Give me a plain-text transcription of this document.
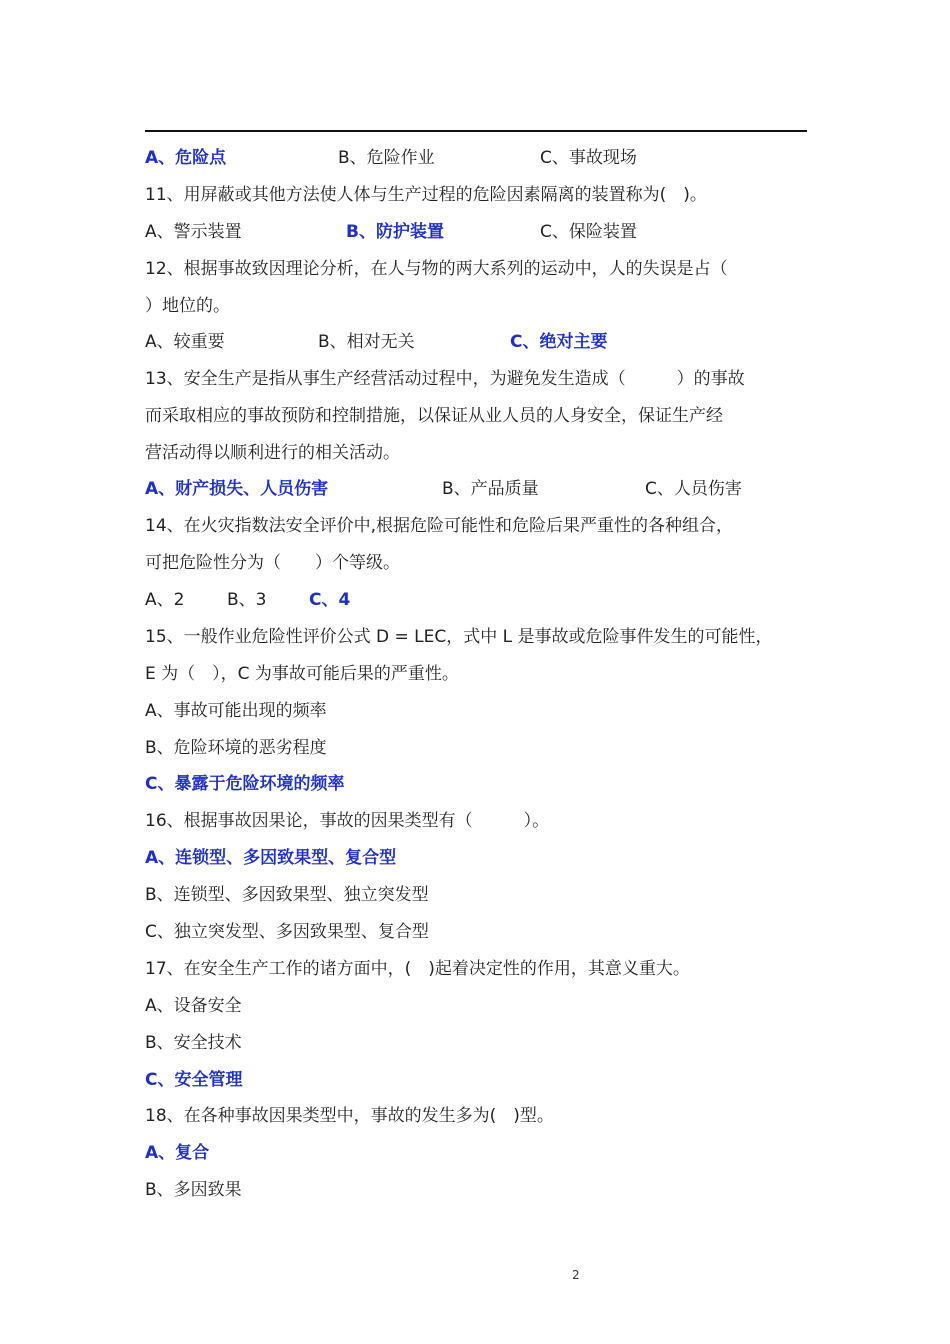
A、危险点	B、危险作业	C、事故现场
11、用屏蔽或其他方法使人体与生产过程的危险因素隔离的装置称为(　)。
A、警示装置	B、防护装置	C、保险装置
12、根据事故致因理论分析，在人与物的两大系列的运动中，人的失误是占（
）地位的。
A、较重要	B、相对无关	C、绝对主要
13、安全生产是指从事生产经营活动过程中，为避免发生造成（　　　）的事故
而采取相应的事故预防和控制措施，以保证从业人员的人身安全，保证生产经
营活动得以顺利进行的相关活动。
A、财产损失、人员伤害	B、产品质量	C、人员伤害
14、在火灾指数法安全评价中,根据危险可能性和危险后果严重性的各种组合，
可把危险性分为（　　）个等级。
A、2	B、3	C、4
15、一般作业危险性评价公式 D = LEC，式中 L 是事故或危险事件发生的可能性，
E 为（　），C 为事故可能后果的严重性。
A、事故可能出现的频率
B、危险环境的恶劣程度
C、暴露于危险环境的频率
16、根据事故因果论，事故的因果类型有（　　　）。
A、连锁型、多因致果型、复合型
B、连锁型、多因致果型、独立突发型
C、独立突发型、多因致果型、复合型
17、在安全生产工作的诸方面中，(　)起着决定性的作用，其意义重大。
A、设备安全
B、安全技术
C、安全管理
18、在各种事故因果类型中，事故的发生多为(　)型。
A、复合
B、多因致果
2
